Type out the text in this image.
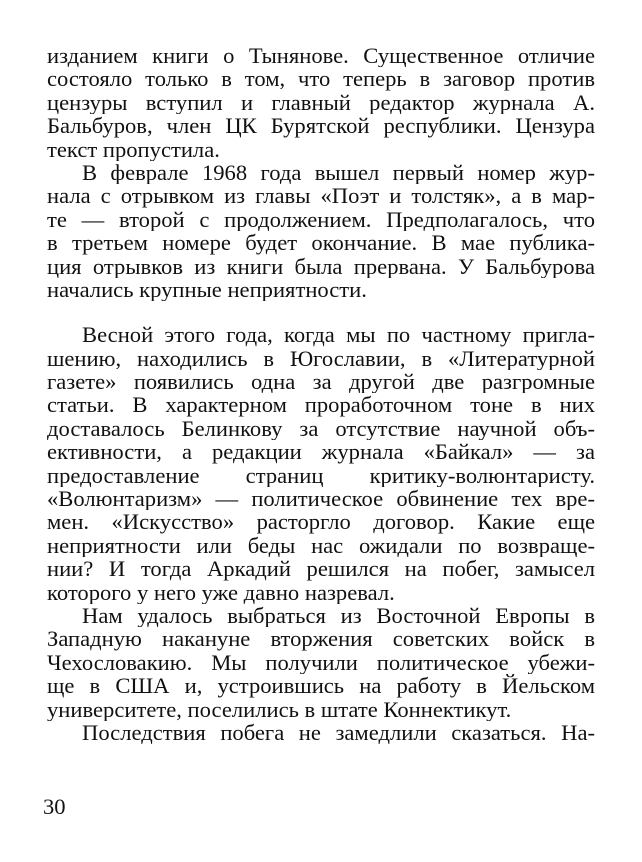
изданием книги о Тынянове. Существенное отличие
состояло только в том, что теперь в заговор против
цензуры вступил и главный редактор журнала А.
Бальбуров, член ЦК Бурятской республики. Цензура
текст пропустила.
В феврале 1968 года вышел первый номер жур-
нала с отрывком из главы «Поэт и толстяк», а в мар-
те — второй с продолжением. Предполагалось, что
в третьем номере будет окончание. В мае публика-
ция отрывков из книги была прервана. У Бальбурова
начались крупные неприятности.
Весной этого года, когда мы по частному пригла-
шению, находились в Югославии, в «Литературной
газете» появились одна за другой две разгромные
статьи. В характерном проработочном тоне в них
доставалось Белинкову за отсутствие научной объ-
ективности, а редакции журнала «Байкал» — за
предоставление страниц критику-волюнтаристу.
«Волюнтаризм» — политическое обвинение тех вре-
мен. «Искусство» расторгло договор. Какие еще
неприятности или беды нас ожидали по возвраще-
нии? И тогда Аркадий решился на побег, замысел
которого у него уже давно назревал.
Нам удалось выбраться из Восточной Европы в
Западную накануне вторжения советских войск в
Чехословакию. Мы получили политическое убежи-
ще в США и, устроившись на работу в Йельском
университете, поселились в штате Коннектикут.
Последствия побега не замедлили сказаться. На-
30
